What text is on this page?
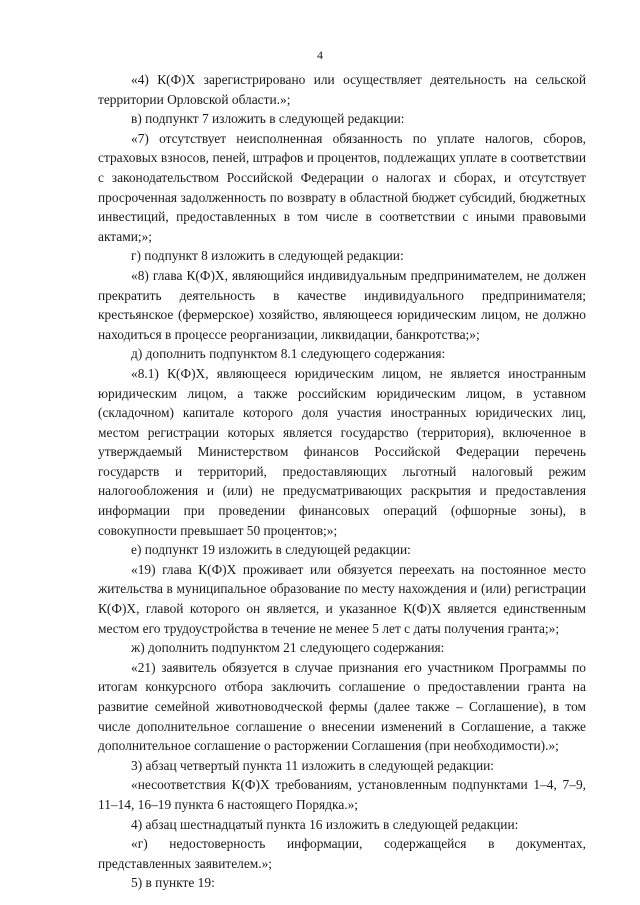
4

«4) К(Ф)Х зарегистрировано или осуществляет деятельность на сельской территории Орловской области.»;

в) подпункт 7 изложить в следующей редакции:

«7) отсутствует неисполненная обязанность по уплате налогов, сборов, страховых взносов, пеней, штрафов и процентов, подлежащих уплате в соответствии с законодательством Российской Федерации о налогах и сборах, и отсутствует просроченная задолженность по возврату в областной бюджет субсидий, бюджетных инвестиций, предоставленных в том числе в соответствии с иными правовыми актами;»;

г) подпункт 8 изложить в следующей редакции:

«8) глава К(Ф)Х, являющийся индивидуальным предпринимателем, не должен прекратить деятельность в качестве индивидуального предпринимателя; крестьянское (фермерское) хозяйство, являющееся юридическим лицом, не должно находиться в процессе реорганизации, ликвидации, банкротства;»;

д) дополнить подпунктом 8.1 следующего содержания:

«8.1) К(Ф)Х, являющееся юридическим лицом, не является иностранным юридическим лицом, а также российским юридическим лицом, в уставном (складочном) капитале которого доля участия иностранных юридических лиц, местом регистрации которых является государство (территория), включенное в утверждаемый Министерством финансов Российской Федерации перечень государств и территорий, предоставляющих льготный налоговый режим налогообложения и (или) не предусматривающих раскрытия и предоставления информации при проведении финансовых операций (офшорные зоны), в совокупности превышает 50 процентов;»;

е) подпункт 19 изложить в следующей редакции:

«19) глава К(Ф)Х проживает или обязуется переехать на постоянное место жительства в муниципальное образование по месту нахождения и (или) регистрации К(Ф)Х, главой которого он является, и указанное К(Ф)Х является единственным местом его трудоустройства в течение не менее 5 лет с даты получения гранта;»;

ж) дополнить подпунктом 21 следующего содержания:

«21) заявитель обязуется в случае признания его участником Программы по итогам конкурсного отбора заключить соглашение о предоставлении гранта на развитие семейной животноводческой фермы (далее также – Соглашение), в том числе дополнительное соглашение о внесении изменений в Соглашение, а также дополнительное соглашение о расторжении Соглашения (при необходимости).»;

3) абзац четвертый пункта 11 изложить в следующей редакции:

«несоответствия К(Ф)Х требованиям, установленным подпунктами 1–4, 7–9, 11–14, 16–19 пункта 6 настоящего Порядка.»;

4) абзац шестнадцатый пункта 16 изложить в следующей редакции:

«г) недостоверность информации, содержащейся в документах, представленных заявителем.»;

5) в пункте 19:
